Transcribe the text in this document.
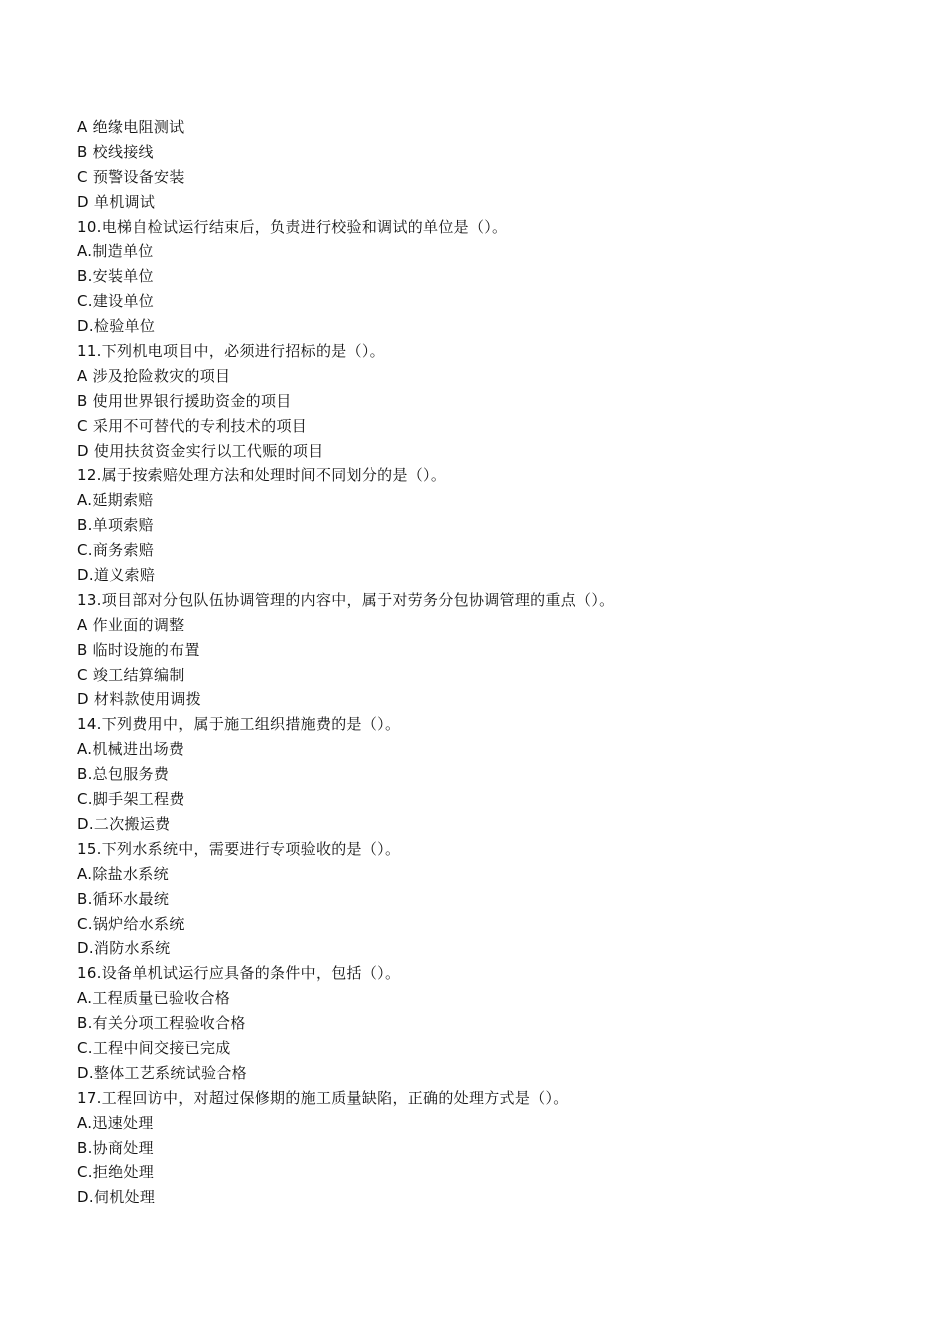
A 绝缘电阻测试
B 校线接线
C 预警设备安装
D 单机调试
10.电梯自检试运行结束后，负责进行校验和调试的单位是（）。
A.制造单位
B.安装单位
C.建设单位
D.检验单位
11.下列机电项目中，必须进行招标的是（）。
A 涉及抢险救灾的项目
B 使用世界银行援助资金的项目
C 采用不可替代的专利技术的项目
D 使用扶贫资金实行以工代赈的项目
12.属于按索赔处理方法和处理时间不同划分的是（）。
A.延期索赔
B.单项索赔
C.商务索赔
D.道义索赔
13.项目部对分包队伍协调管理的内容中，属于对劳务分包协调管理的重点（）。
A 作业面的调整
B 临时设施的布置
C 竣工结算编制
D 材料款使用调拨
14.下列费用中，属于施工组织措施费的是（）。
A.机械进出场费
B.总包服务费
C.脚手架工程费
D.二次搬运费
15.下列水系统中，需要进行专项验收的是（）。
A.除盐水系统
B.循环水最统
C.锅炉给水系统
D.消防水系统
16.设备单机试运行应具备的条件中，包括（）。
A.工程质量已验收合格
B.有关分项工程验收合格
C.工程中间交接已完成
D.整体工艺系统试验合格
17.工程回访中，对超过保修期的施工质量缺陷，正确的处理方式是（）。
A.迅速处理
B.协商处理
C.拒绝处理
D.伺机处理
